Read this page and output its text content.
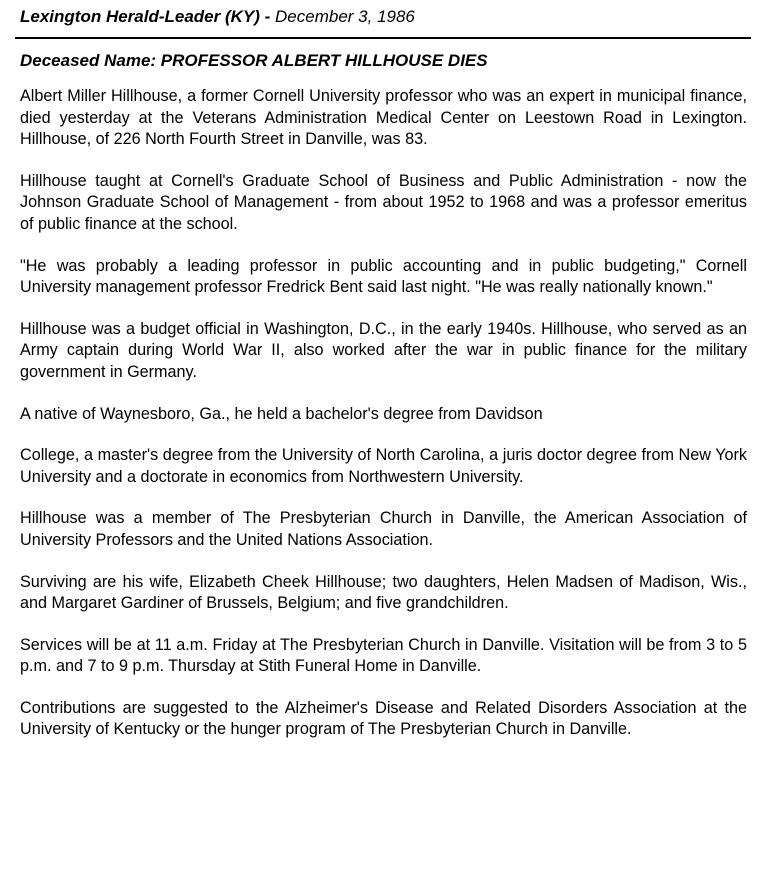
Lexington Herald-Leader (KY) - December 3, 1986
Deceased Name: PROFESSOR ALBERT HILLHOUSE DIES

Albert Miller Hillhouse, a former Cornell University professor who was an expert in municipal finance, died yesterday at the Veterans Administration Medical Center on Leestown Road in Lexington. Hillhouse, of 226 North Fourth Street in Danville, was 83.

Hillhouse taught at Cornell's Graduate School of Business and Public Administration - now the Johnson Graduate School of Management - from about 1952 to 1968 and was a professor emeritus of public finance at the school.

"He was probably a leading professor in public accounting and in public budgeting," Cornell University management professor Fredrick Bent said last night. "He was really nationally known."

Hillhouse was a budget official in Washington, D.C., in the early 1940s. Hillhouse, who served as an Army captain during World War II, also worked after the war in public finance for the military government in Germany.

A native of Waynesboro, Ga., he held a bachelor's degree from Davidson

College, a master's degree from the University of North Carolina, a juris doctor degree from New York University and a doctorate in economics from Northwestern University.

Hillhouse was a member of The Presbyterian Church in Danville, the American Association of University Professors and the United Nations Association.

Surviving are his wife, Elizabeth Cheek Hillhouse; two daughters, Helen Madsen of Madison, Wis., and Margaret Gardiner of Brussels, Belgium; and five grandchildren.

Services will be at 11 a.m. Friday at The Presbyterian Church in Danville. Visitation will be from 3 to 5 p.m. and 7 to 9 p.m. Thursday at Stith Funeral Home in Danville.

Contributions are suggested to the Alzheimer's Disease and Related Disorders Association at the University of Kentucky or the hunger program of The Presbyterian Church in Danville.
